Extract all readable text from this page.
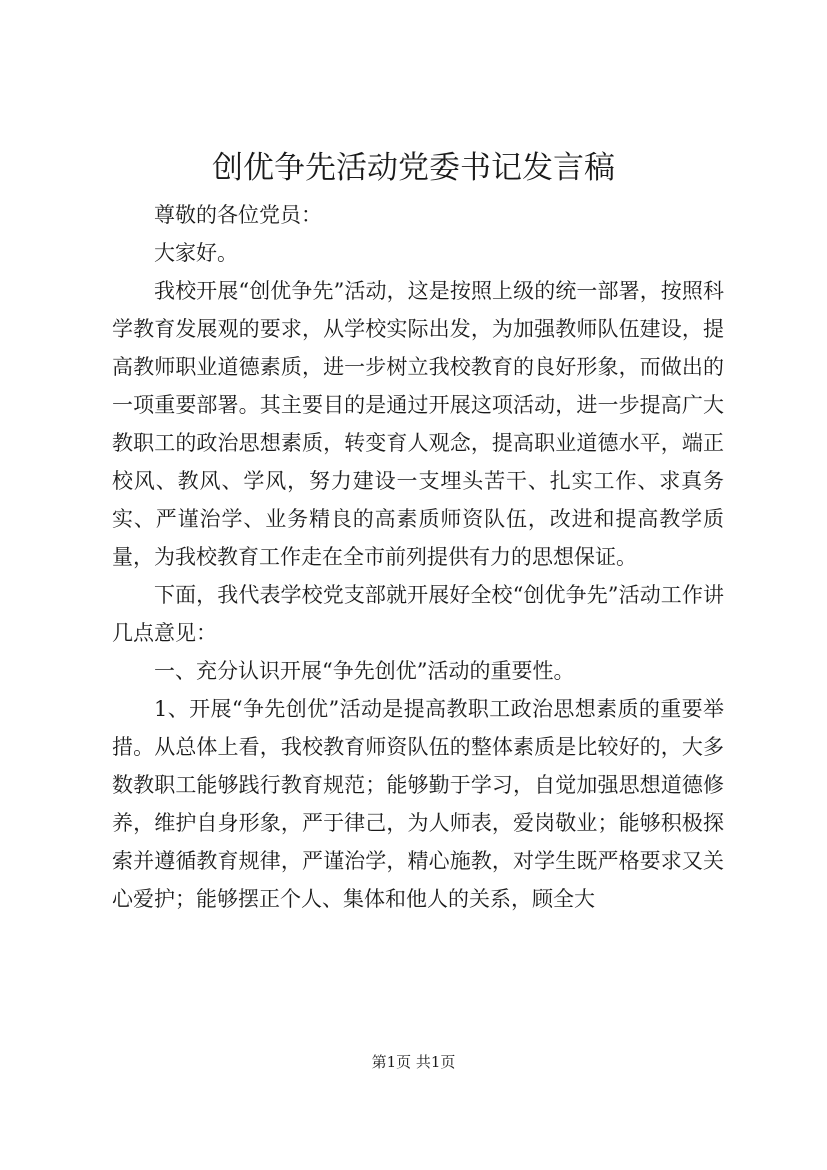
创优争先活动党委书记发言稿

尊敬的各位党员：

大家好。

我校开展“创优争先”活动，这是按照上级的统一部署，按照科学教育发展观的要求，从学校实际出发，为加强教师队伍建设，提高教师职业道德素质，进一步树立我校教育的良好形象，而做出的一项重要部署。其主要目的是通过开展这项活动，进一步提高广大教职工的政治思想素质，转变育人观念，提高职业道德水平，端正校风、教风、学风，努力建设一支埋头苦干、扎实工作、求真务实、严谨治学、业务精良的高素质师资队伍，改进和提高教学质量，为我校教育工作走在全市前列提供有力的思想保证。

下面，我代表学校党支部就开展好全校“创优争先”活动工作讲几点意见：

一、充分认识开展“争先创优”活动的重要性。

1、开展“争先创优”活动是提高教职工政治思想素质的重要举措。从总体上看，我校教育师资队伍的整体素质是比较好的，大多数教职工能够践行教育规范；能够勤于学习，自觉加强思想道德修养，维护自身形象，严于律己，为人师表，爱岗敬业；能够积极探索并遵循教育规律，严谨治学，精心施教，对学生既严格要求又关心爱护；能够摆正个人、集体和他人的关系，顾全大

第1页 共1页
